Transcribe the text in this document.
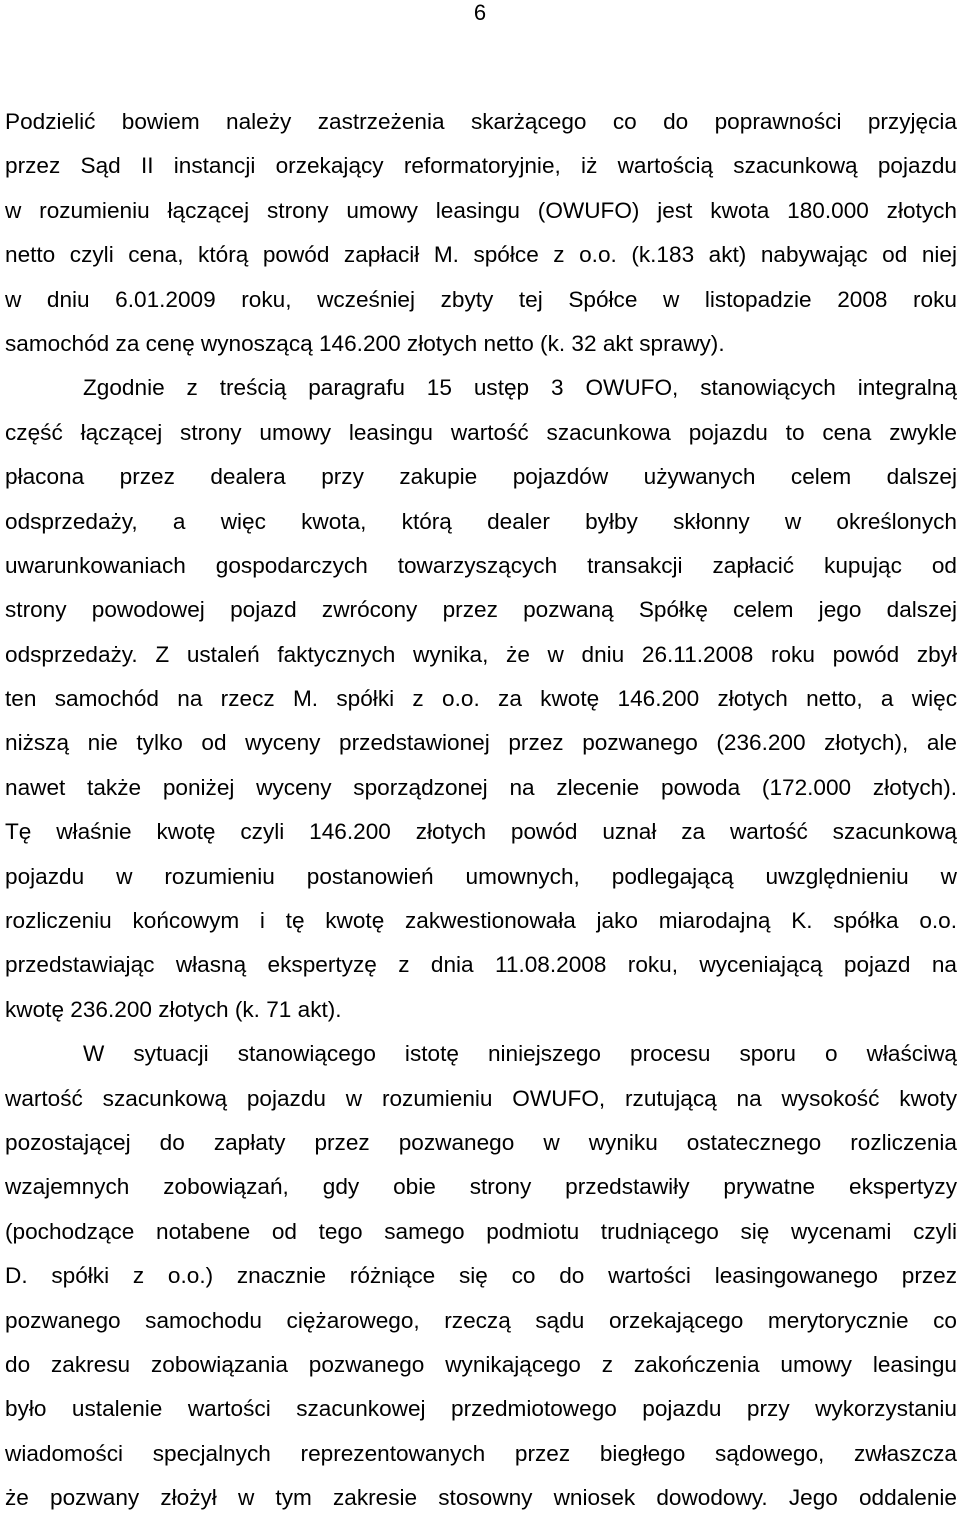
6
Podzielić bowiem należy zastrzeżenia skarżącego co do poprawności przyjęcia
przez Sąd II instancji orzekający reformatoryjnie, iż wartością szacunkową pojazdu
w rozumieniu łączącej strony umowy leasingu (OWUFO) jest kwota 180.000 złotych
netto czyli cena, którą powód zapłacił M. spółce z o.o. (k.183 akt) nabywając od niej
w dniu 6.01.2009 roku, wcześniej zbyty tej Spółce w listopadzie 2008 roku
samochód za cenę wynoszącą 146.200 złotych netto (k. 32 akt sprawy).
Zgodnie z treścią paragrafu 15 ustęp 3 OWUFO, stanowiących integralną
część łączącej strony umowy leasingu wartość szacunkowa pojazdu to cena zwykle
płacona przez dealera przy zakupie pojazdów używanych celem dalszej
odsprzedaży, a więc kwota, którą dealer byłby skłonny w określonych
uwarunkowaniach gospodarczych towarzyszących transakcji zapłacić kupując od
strony powodowej pojazd zwrócony przez pozwaną Spółkę celem jego dalszej
odsprzedaży. Z ustaleń faktycznych wynika, że w dniu 26.11.2008 roku powód zbył
ten samochód na rzecz M. spółki z o.o. za kwotę 146.200 złotych netto, a więc
niższą nie tylko od wyceny przedstawionej przez pozwanego (236.200 złotych), ale
nawet także poniżej wyceny sporządzonej na zlecenie powoda (172.000 złotych).
Tę właśnie kwotę czyli 146.200 złotych powód uznał za wartość szacunkową
pojazdu w rozumieniu postanowień umownych, podlegającą uwzględnieniu w
rozliczeniu końcowym i tę kwotę zakwestionowała jako miarodajną K. spółka o.o.
przedstawiając własną ekspertyzę z dnia 11.08.2008 roku, wyceniającą pojazd na
kwotę 236.200 złotych (k. 71 akt).
W sytuacji stanowiącego istotę niniejszego procesu sporu o właściwą
wartość szacunkową pojazdu w rozumieniu OWUFO, rzutującą na wysokość kwoty
pozostającej do zapłaty przez pozwanego w wyniku ostatecznego rozliczenia
wzajemnych zobowiązań, gdy obie strony przedstawiły prywatne ekspertyzy
(pochodzące notabene od tego samego podmiotu trudniącego się wycenami czyli
D. spółki z o.o.) znacznie różniące się co do wartości leasingowanego przez
pozwanego samochodu ciężarowego, rzeczą sądu orzekającego merytorycznie co
do zakresu zobowiązania pozwanego wynikającego z zakończenia umowy leasingu
było ustalenie wartości szacunkowej przedmiotowego pojazdu przy wykorzystaniu
wiadomości specjalnych reprezentowanych przez biegłego sądowego, zwłaszcza
że pozwany złożył w tym zakresie stosowny wniosek dowodowy. Jego oddalenie
